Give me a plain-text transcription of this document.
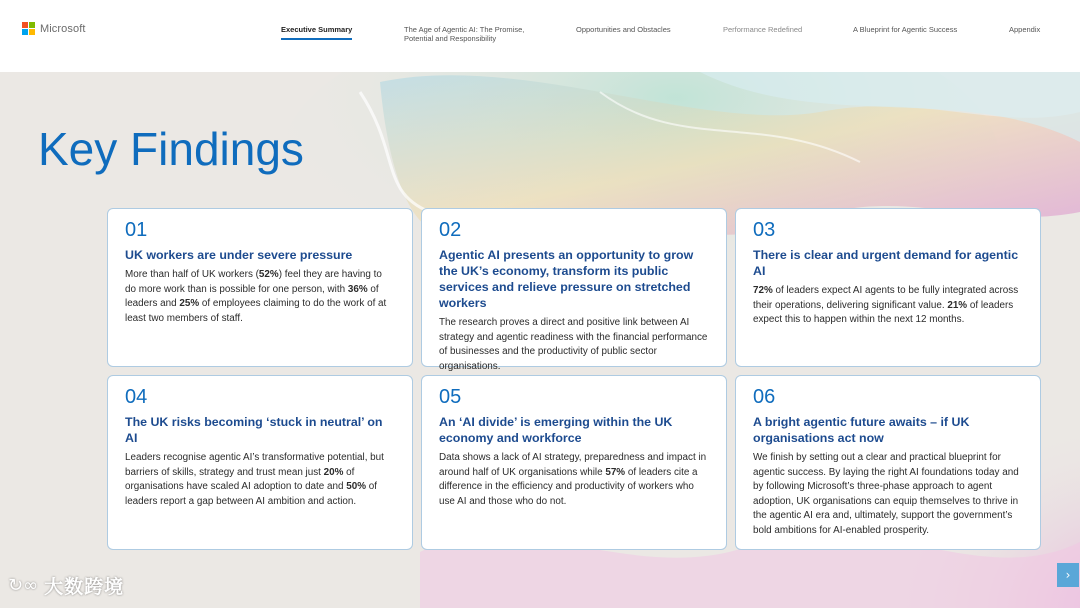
Microsoft	Executive Summary	The Age of Agentic AI: The Promise,
Potential and Responsibility
Opportunities and Obstacles	Performance Redefined	A Blueprint for Agentic Success	Appendix
Key Findings
01
UK workers are under severe pressure
More than half of UK workers (52%) feel they are having to do more work than is possible for one person, with 36% of leaders and 25% of employees claiming to do the work of at least two members of staff.
02
Agentic AI presents an opportunity to grow the UK’s economy, transform its public services and relieve pressure on stretched workers
The research proves a direct and positive link between AI strategy and agentic readiness with the financial performance of businesses and the productivity of public sector organisations.
03
There is clear and urgent demand for agentic AI
72% of leaders expect AI agents to be fully integrated across their operations, delivering significant value. 21% of leaders expect this to happen within the next 12 months.
04
The UK risks becoming ‘stuck in neutral’ on AI
Leaders recognise agentic AI’s transformative potential, but barriers of skills, strategy and trust mean just 20% of organisations have scaled AI adoption to date and 50% of leaders report a gap between AI ambition and action.
05
An ‘AI divide’ is emerging within the UK economy and workforce
Data shows a lack of AI strategy, preparedness and impact in around half of UK organisations while 57% of leaders cite a difference in the efficiency and productivity of workers who use AI and those who do not.
06
A bright agentic future awaits – if UK organisations act now
We finish by setting out a clear and practical blueprint for agentic success. By laying the right AI foundations today and by following Microsoft’s three-phase approach to agent adoption, UK organisations can equip themselves to thrive in the agentic AI era and, ultimately, support the government’s bold ambitions for AI-enabled prosperity.
↻∞ 大数跨境
›
